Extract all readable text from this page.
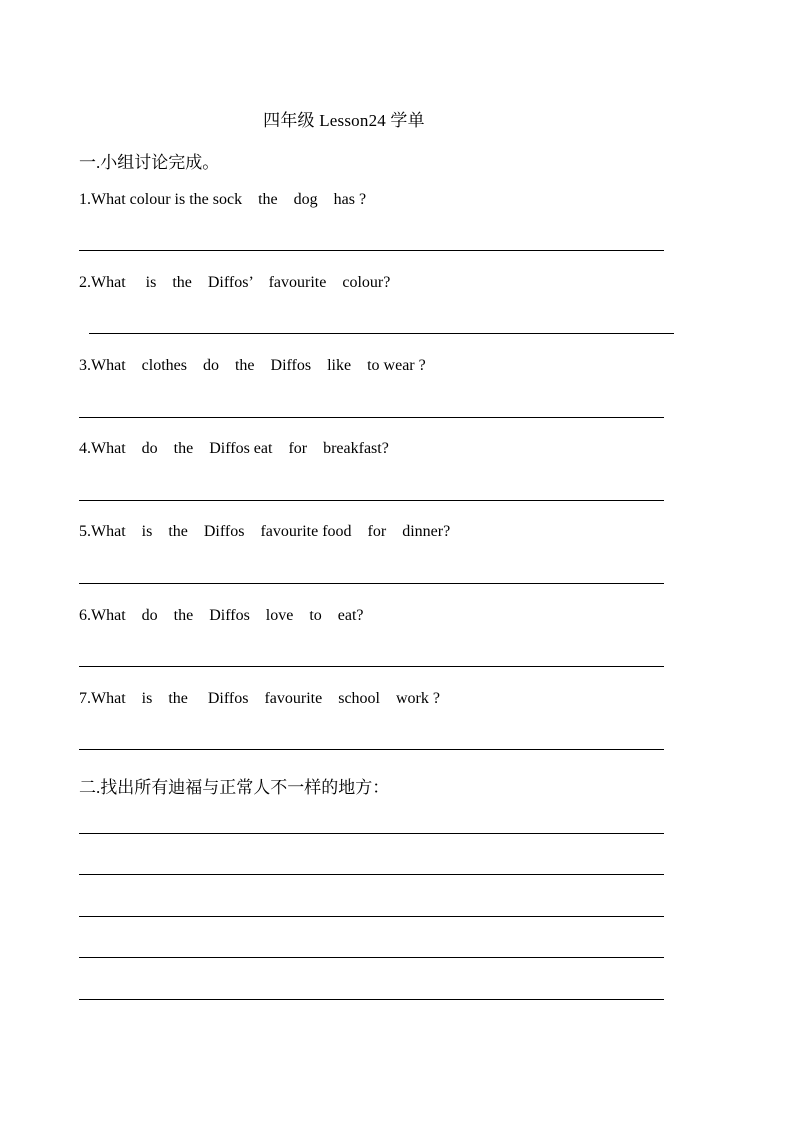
四年级 Lesson24 学单
一.小组讨论完成。
1.What colour is the sock    the    dog    has ?
2.What     is    the    Diffos’    favourite    colour?
3.What    clothes    do    the    Diffos    like    to wear ?
4.What    do    the    Diffos eat    for    breakfast?
5.What    is    the    Diffos    favourite food    for    dinner?
6.What    do    the    Diffos    love    to    eat?
7.What    is    the     Diffos    favourite    school    work ?
二.找出所有迪福与正常人不一样的地方：
